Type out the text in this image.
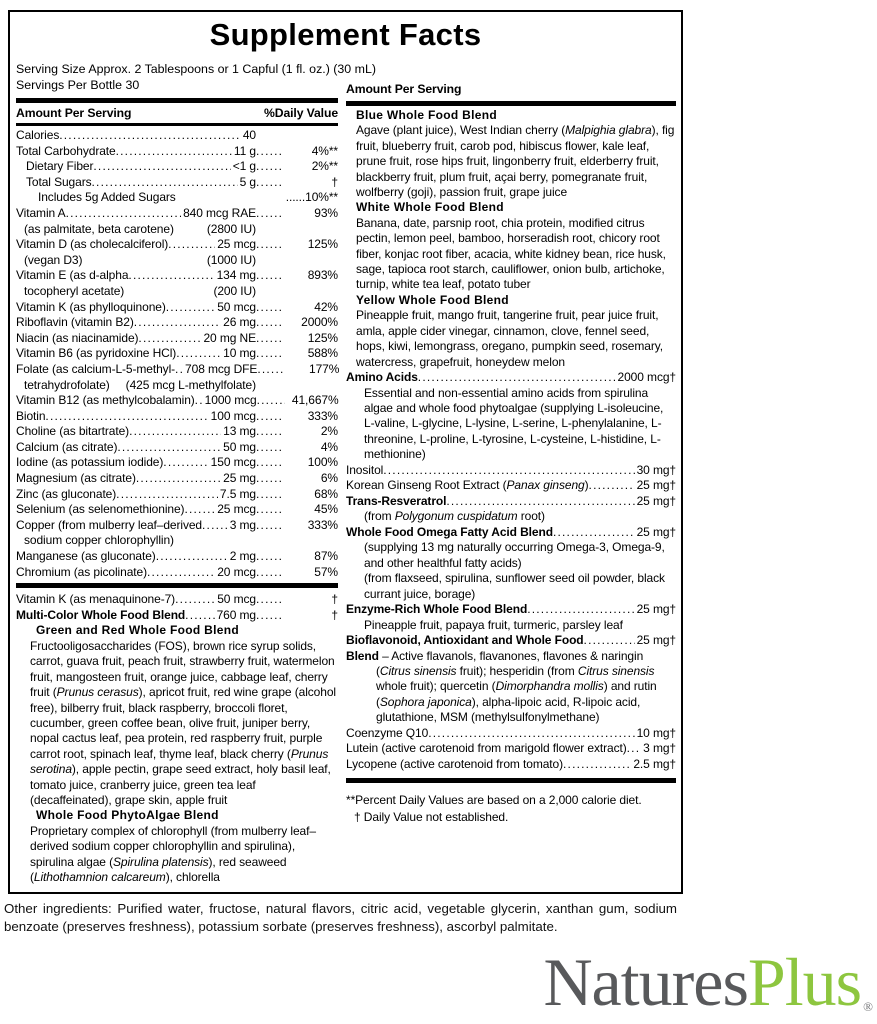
Supplement Facts
Serving Size Approx. 2 Tablespoons or 1 Capful (1 fl. oz.) (30 mL)
Servings Per Bottle 30
Amount Per Serving	%Daily Value
Calories .....	40
Total Carbohydrate .....	11 g .....	4%**
Dietary Fiber .....	<1 g .....	2%**
Total Sugars .....	5 g .....	†
Includes 5g Added Sugars	......10%**
Vitamin A .....	840 mcg RAE .....	93%
(as palmitate, beta carotene)	(2800 IU)
Vitamin D (as cholecalciferol) .....	25 mcg .....	125%
(vegan D3)	(1000 IU)
Vitamin E (as d-alpha .....	134 mg .....	893%
tocopheryl acetate)	(200 IU)
Vitamin K (as phylloquinone) .....	50 mcg .....	42%
Riboflavin (vitamin B2) .....	26 mg .....	2000%
Niacin (as niacinamide) .....	20 mg NE .....	125%
Vitamin B6 (as pyridoxine HCl) .....	10 mg .....	588%
Folate (as calcium-L-5-methyl- ..... 708 mcg DFE .....	177%
tetrahydrofolate) (425 mcg L-methylfolate)
Vitamin B12 (as methylcobalamin) ..... 1000 mcg .....	41,667%
Biotin .....	100 mcg .....	333%
Choline (as bitartrate) .....	13 mg .....	2%
Calcium (as citrate) .....	50 mg .....	4%
Iodine (as potassium iodide) .....	150 mcg .....	100%
Magnesium (as citrate) .....	25 mg .....	6%
Zinc (as gluconate) .....	7.5 mg .....	68%
Selenium (as selenomethionine) .....	25 mcg .....	45%
Copper (from mulberry leaf–derived ..... 3 mg .....	333%
sodium copper chlorophyllin)
Manganese (as gluconate) .....	2 mg .....	87%
Chromium (as picolinate) .....	20 mcg .....	57%
Vitamin K (as menaquinone-7) .....	50 mcg .....	†
Multi-Color Whole Food Blend .....	760 mg .....	†
Green and Red Whole Food Blend
Fructooligosaccharides (FOS), brown rice syrup solids, carrot, guava fruit, peach fruit, strawberry fruit, watermelon fruit, mangosteen fruit, orange juice, cabbage leaf, cherry fruit (Prunus cerasus), apricot fruit, red wine grape (alcohol free), bilberry fruit, black raspberry, broccoli floret, cucumber, green coffee bean, olive fruit, juniper berry, nopal cactus leaf, pea protein, red raspberry fruit, purple carrot root, spinach leaf, thyme leaf, black cherry (Prunus serotina), apple pectin, grape seed extract, holy basil leaf, tomato juice, cranberry juice, green tea leaf (decaffeinated), grape skin, apple fruit
Whole Food PhytoAlgae Blend
Proprietary complex of chlorophyll (from mulberry leaf–derived sodium copper chlorophyllin and spirulina), spirulina algae (Spirulina platensis), red seaweed (Lithothamnion calcareum), chlorella
Amount Per Serving
Blue Whole Food Blend
Agave (plant juice), West Indian cherry (Malpighia glabra), fig fruit, blueberry fruit, carob pod, hibiscus flower, kale leaf, prune fruit, rose hips fruit, lingonberry fruit, elderberry fruit, blackberry fruit, plum fruit, açai berry, pomegranate fruit, wolfberry (goji), passion fruit, grape juice
White Whole Food Blend
Banana, date, parsnip root, chia protein, modified citrus pectin, lemon peel, bamboo, horseradish root, chicory root fiber, konjac root fiber, acacia, white kidney bean, rice husk, sage, tapioca root starch, cauliflower, onion bulb, artichoke, turnip, white tea leaf, potato tuber
Yellow Whole Food Blend
Pineapple fruit, mango fruit, tangerine fruit, pear juice fruit, amla, apple cider vinegar, cinnamon, clove, fennel seed, hops, kiwi, lemongrass, oregano, pumpkin seed, rosemary, watercress, grapefruit, honeydew melon
Amino Acids .....	2000 mcg†
Essential and non-essential amino acids from spirulina algae and whole food phytoalgae (supplying L-isoleucine, L-valine, L-glycine, L-lysine, L-serine, L-phenylalanine, L-threonine, L-proline, L-tyrosine, L-cysteine, L-histidine, L-methionine)
Inositol .....	30 mg†
Korean Ginseng Root Extract (Panax ginseng) .....	25 mg†
Trans-Resveratrol .....	25 mg†
(from Polygonum cuspidatum root)
Whole Food Omega Fatty Acid Blend .....	25 mg†
(supplying 13 mg naturally occurring Omega-3, Omega-9, and other healthful fatty acids)
(from flaxseed, spirulina, sunflower seed oil powder, black currant juice, borage)
Enzyme-Rich Whole Food Blend .....	25 mg†
Pineapple fruit, papaya fruit, turmeric, parsley leaf
Bioflavonoid, Antioxidant and Whole Food .....	25 mg†
Blend – Active flavanols, flavanones, flavones & naringin (Citrus sinensis fruit); hesperidin (from Citrus sinensis whole fruit); quercetin (Dimorphandra mollis) and rutin (Sophora japonica), alpha-lipoic acid, R-lipoic acid, glutathione, MSM (methylsulfonylmethane)
Coenzyme Q10 .....	10 mg†
Lutein (active carotenoid from marigold flower extract) ..... 3 mg†
Lycopene (active carotenoid from tomato) .....	2.5 mg†
**Percent Daily Values are based on a 2,000 calorie diet.
† Daily Value not established.
Other ingredients: Purified water, fructose, natural flavors, citric acid, vegetable glycerin, xanthan gum, sodium benzoate (preserves freshness), potassium sorbate (preserves freshness), ascorbyl palmitate.
Natures Plus ®
